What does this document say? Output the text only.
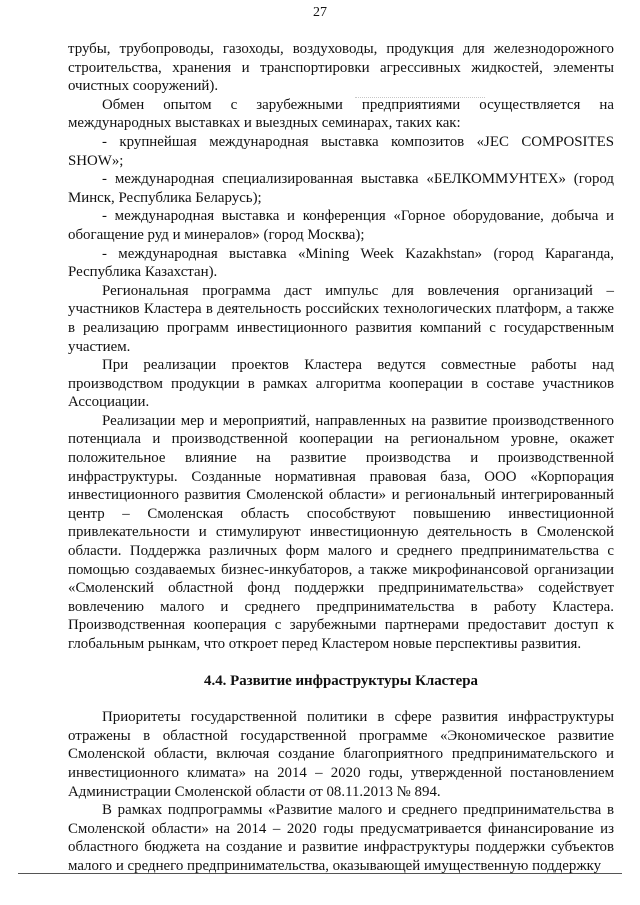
27

трубы, трубопроводы, газоходы, воздуховоды, продукция для железнодорожного строительства, хранения и транспортировки агрессивных жидкостей, элементы очистных сооружений).

Обмен опытом с зарубежными предприятиями осуществляется на международных выставках и выездных семинарах, таких как:

- крупнейшая международная выставка композитов «JEC COMPOSITES SHOW»;

- международная специализированная выставка «БЕЛКОММУНТЕХ» (город Минск, Республика Беларусь);

- международная выставка и конференция «Горное оборудование, добыча и обогащение руд и минералов» (город Москва);

- международная выставка «Mining Week Kazakhstan» (город Караганда, Республика Казахстан).

Региональная программа даст импульс для вовлечения организаций – участников Кластера в деятельность российских технологических платформ, а также в реализацию программ инвестиционного развития компаний с государственным участием.

При реализации проектов Кластера ведутся совместные работы над производством продукции в рамках алгоритма кооперации в составе участников Ассоциации.

Реализации мер и мероприятий, направленных на развитие производственного потенциала и производственной кооперации на региональном уровне, окажет положительное влияние на развитие производства и производственной инфраструктуры. Созданные нормативная правовая база, ООО «Корпорация инвестиционного развития Смоленской области» и региональный интегрированный центр – Смоленская область способствуют повышению инвестиционной привлекательности и стимулируют инвестиционную деятельность в Смоленской области. Поддержка различных форм малого и среднего предпринимательства с помощью создаваемых бизнес-инкубаторов, а также микрофинансовой организации «Смоленский областной фонд поддержки предпринимательства» содействует вовлечению малого и среднего предпринимательства в работу Кластера. Производственная кооперация с зарубежными партнерами предоставит доступ к глобальным рынкам, что откроет перед Кластером новые перспективы развития.

4.4. Развитие инфраструктуры Кластера

Приоритеты государственной политики в сфере развития инфраструктуры отражены в областной государственной программе «Экономическое развитие Смоленской области, включая создание благоприятного предпринимательского и инвестиционного климата» на 2014 – 2020 годы, утвержденной постановлением Администрации Смоленской области от 08.11.2013 № 894.

В рамках подпрограммы «Развитие малого и среднего предпринимательства в Смоленской области» на 2014 – 2020 годы предусматривается финансирование из областного бюджета на создание и развитие инфраструктуры поддержки субъектов малого и среднего предпринимательства, оказывающей имущественную поддержку
